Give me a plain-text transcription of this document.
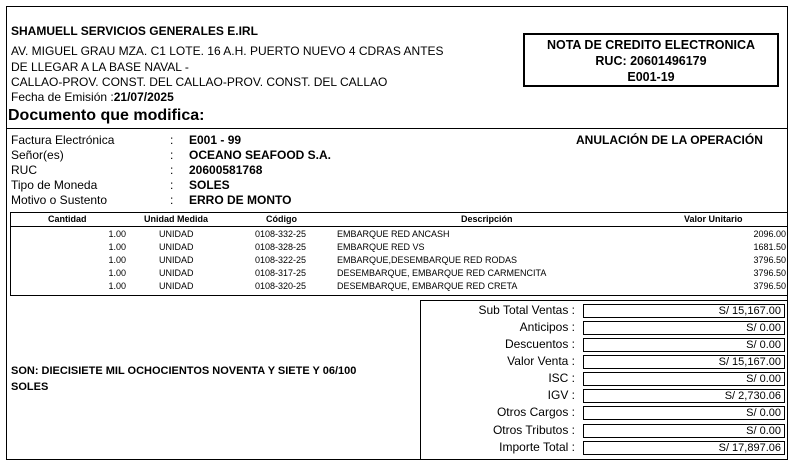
SHAMUELL SERVICIOS GENERALES E.IRL
AV. MIGUEL GRAU MZA. C1 LOTE. 16 A.H. PUERTO NUEVO 4 CDRAS ANTES
DE LLEGAR A LA BASE NAVAL -
CALLAO-PROV. CONST. DEL CALLAO-PROV. CONST. DEL CALLAO
Fecha de Emisión :21/07/2025
NOTA DE CREDITO ELECTRONICA
RUC: 20601496179
E001-19
Documento que modifica:
Factura Electrónica	: E001 - 99
Señor(es)	: OCEANO SEAFOOD S.A.
RUC	: 20600581768
Tipo de Moneda	: SOLES
Motivo o Sustento	: ERRO DE MONTO
ANULACIÓN DE LA OPERACIÓN
Cantidad	Unidad Medida	Código	Descripción	Valor Unitario
1.00	UNIDAD	0108-332-25	EMBARQUE RED ANCASH	2096.00
1.00	UNIDAD	0108-328-25	EMBARQUE RED VS	1681.50
1.00	UNIDAD	0108-322-25	EMBARQUE,DESEMBARQUE RED RODAS	3796.50
1.00	UNIDAD	0108-317-25	DESEMBARQUE, EMBARQUE RED CARMENCITA	3796.50
1.00	UNIDAD	0108-320-25	DESEMBARQUE, EMBARQUE RED CRETA	3796.50
SON: DIECISIETE MIL OCHOCIENTOS NOVENTA Y SIETE Y 06/100 SOLES
Sub Total Ventas :	S/ 15,167.00
Anticipos :	S/ 0.00
Descuentos :	S/ 0.00
Valor Venta :	S/ 15,167.00
ISC :	S/ 0.00
IGV :	S/ 2,730.06
Otros Cargos :	S/ 0.00
Otros Tributos :	S/ 0.00
Importe Total :	S/ 17,897.06
